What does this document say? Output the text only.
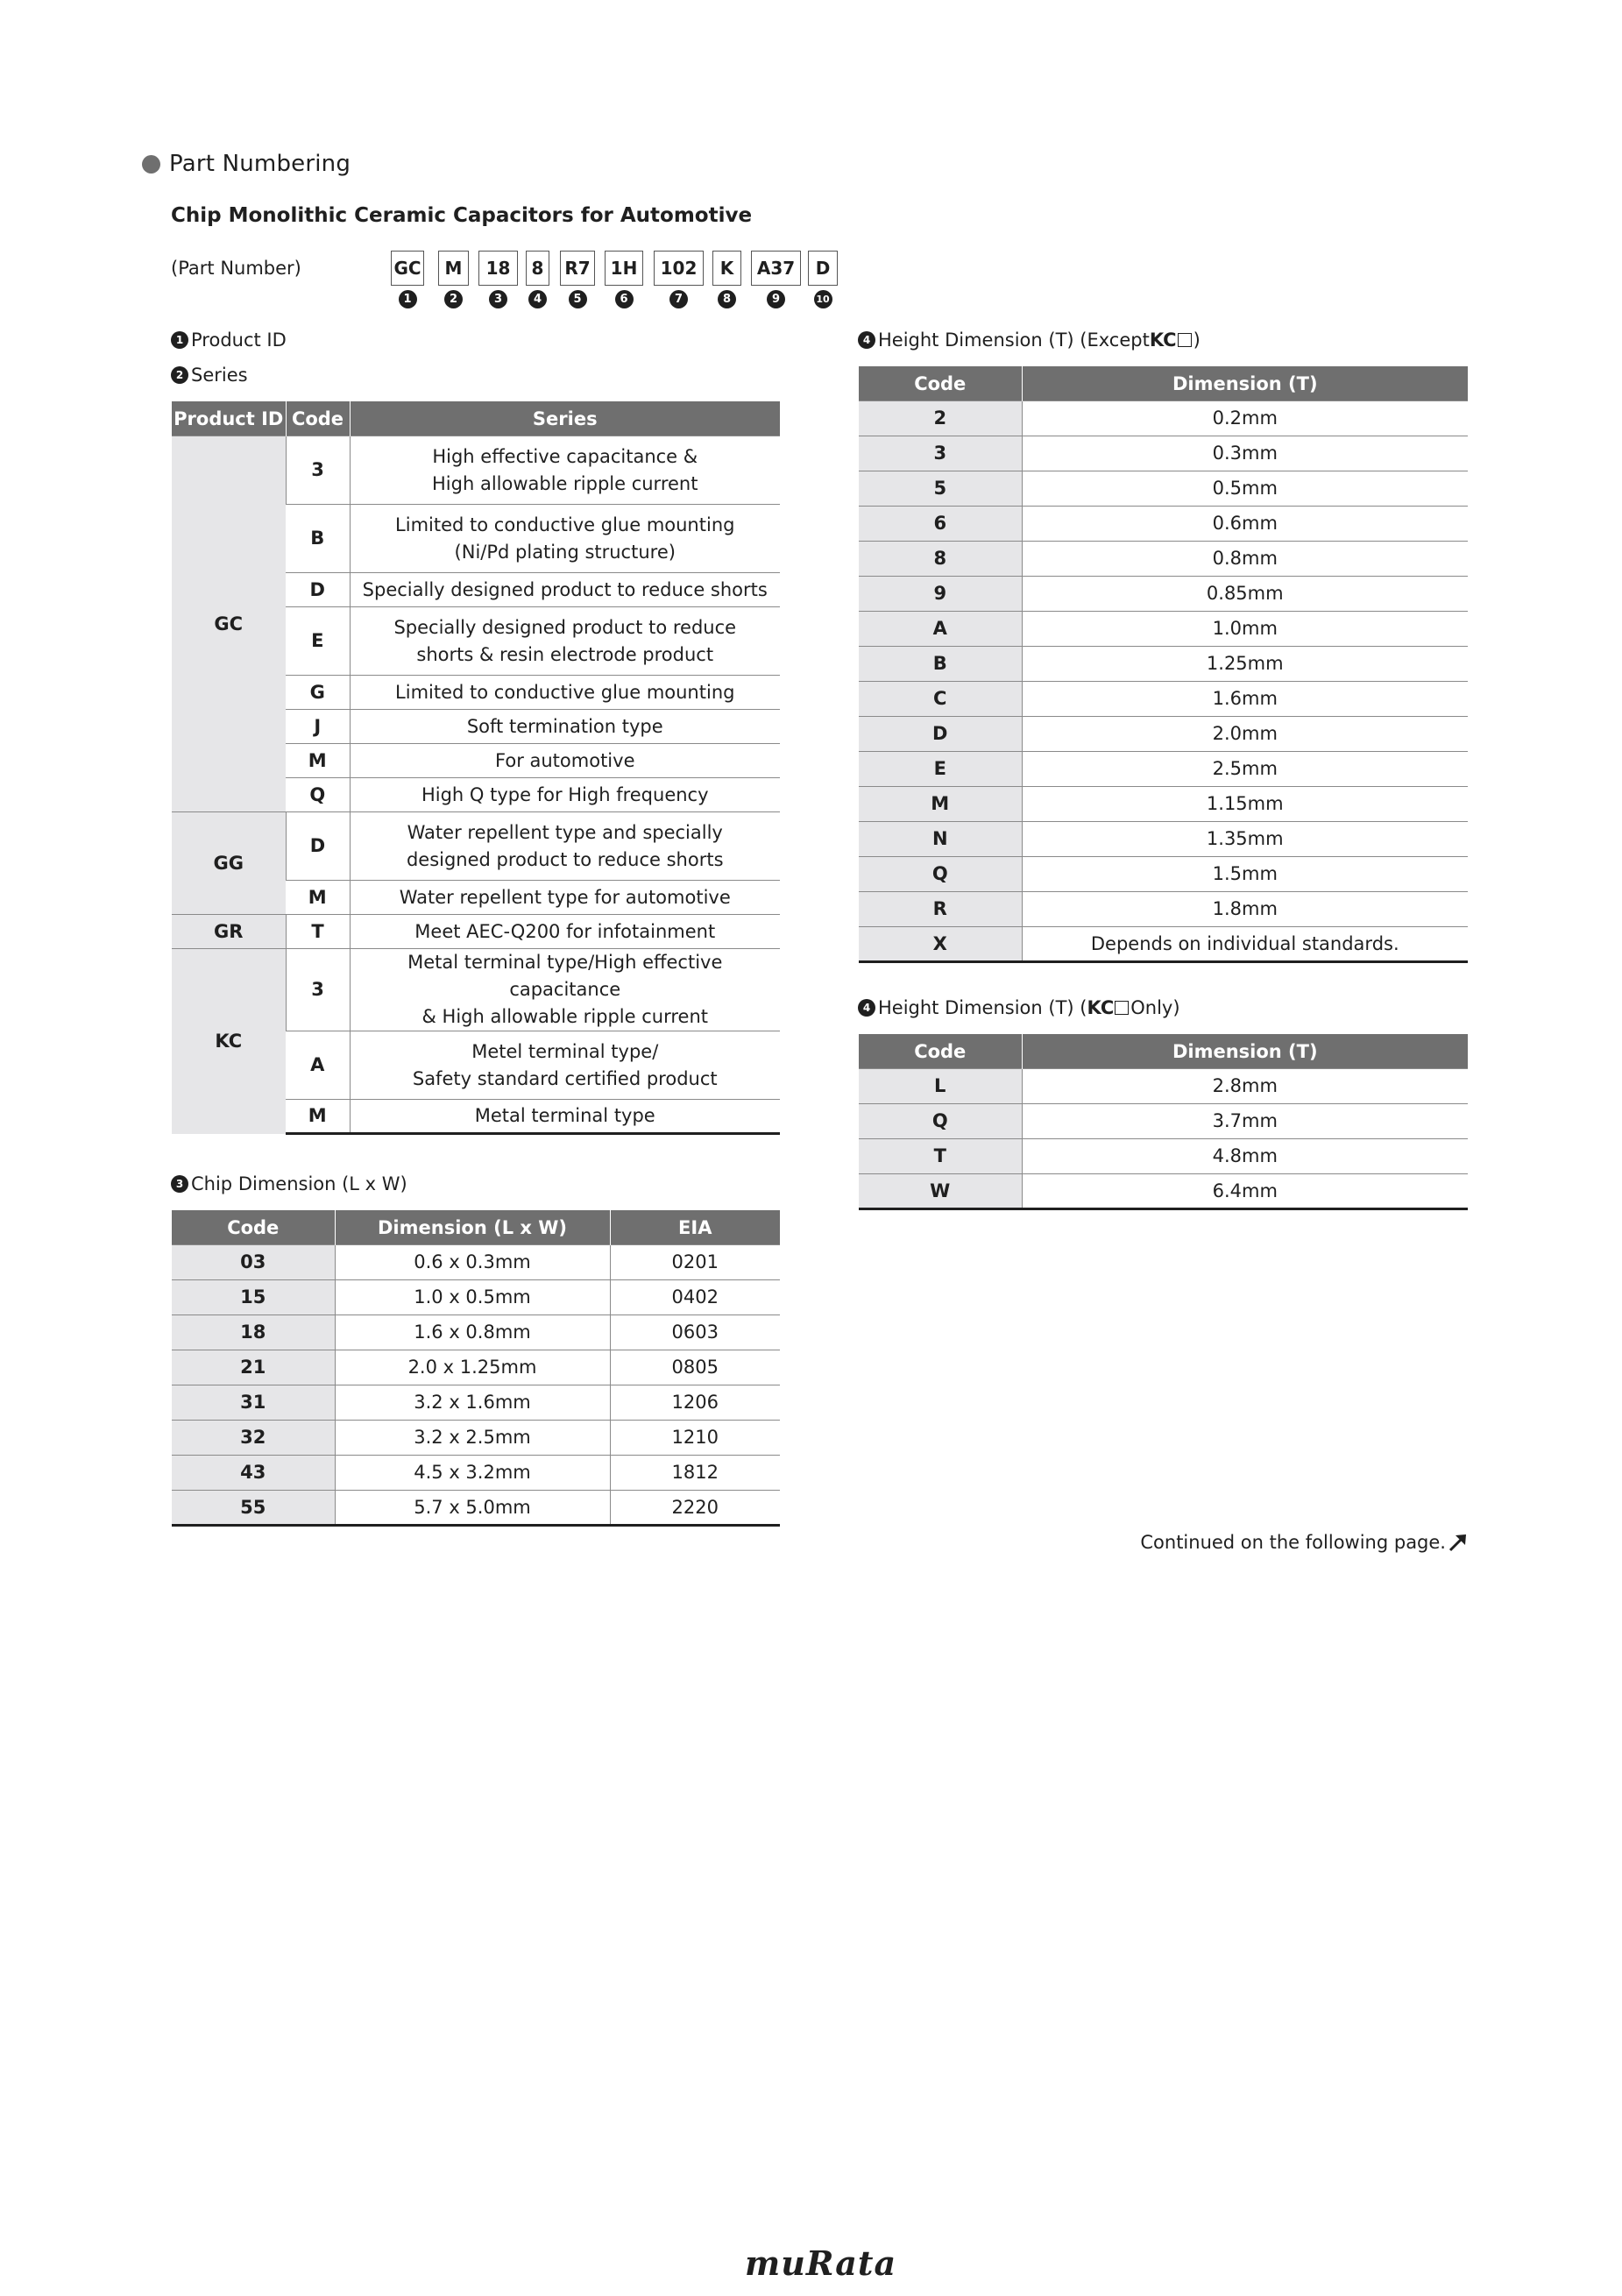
Part Numbering
Chip Monolithic Ceramic Capacitors for Automotive
(Part Number)	GC
1
M
2
18
3
8
4
R7
5
1H
6
102
7
K
8
A37
9
D
10
1 Product ID
2 Series
Product ID	Code	Series
GC	3	High effective capacitance &
High allowable ripple current

	B	Limited to conductive glue mounting
(Ni/Pd plating structure)

	D	Specially designed product to reduce shorts

	E	Specially designed product to reduce
shorts & resin electrode product

	G	Limited to conductive glue mounting

	J	Soft termination type

	M	For automotive

	Q	High Q type for High frequency

GG	D	Water repellent type and specially
designed product to reduce shorts

	M	Water repellent type for automotive

GR	T	Meet AEC-Q200 for infotainment

KC	3	Metal terminal type/High effective capacitance
& High allowable ripple current

	A	Metel terminal type/
Safety standard certified product

	M	Metal terminal type
3 Chip Dimension (L x W)
Code	Dimension (L x W)	EIA
03	0.6 x 0.3mm	0201
15	1.0 x 0.5mm	0402
18	1.6 x 0.8mm	0603
21	2.0 x 1.25mm	0805
31	3.2 x 1.6mm	1206
32	3.2 x 2.5mm	1210
43	4.5 x 3.2mm	1812
55	5.7 x 5.0mm	2220
4 Height Dimension (T) (Except KC )
Code	Dimension (T)
2	0.2mm
3	0.3mm
5	0.5mm
6	0.6mm
8	0.8mm
9	0.85mm
A	1.0mm
B	1.25mm
C	1.6mm
D	2.0mm
E	2.5mm
M	1.15mm
N	1.35mm
Q	1.5mm
R	1.8mm
X	Depends on individual standards.
4 Height Dimension (T) ( KC Only)
Code	Dimension (T)
L	2.8mm
Q	3.7mm
T	4.8mm
W	6.4mm
Continued on the following page.
muRata
